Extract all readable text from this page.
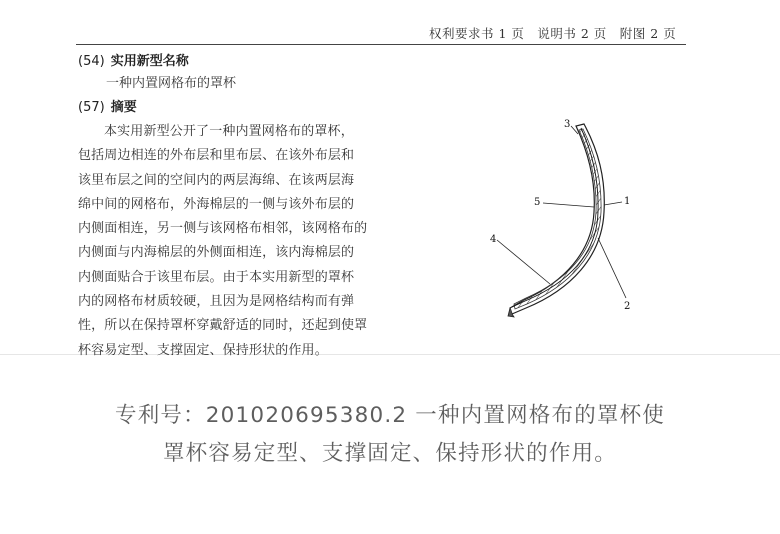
权利要求书 1 页　说明书 2 页　附图 2 页
(54) 实用新型名称
一种内置网格布的罩杯
(57) 摘要
本实用新型公开了一种内置网格布的罩杯，
包括周边相连的外布层和里布层、在该外布层和
该里布层之间的空间内的两层海绵、在该两层海
绵中间的网格布，外海棉层的一侧与该外布层的
内侧面相连，另一侧与该网格布相邻，该网格布的
内侧面与内海棉层的外侧面相连，该内海棉层的
内侧面贴合于该里布层。由于本实用新型的罩杯
内的网格布材质较硬，且因为是网格结构而有弹
性，所以在保持罩杯穿戴舒适的同时，还起到使罩
杯容易定型、支撑固定、保持形状的作用。
3
5	1
4
2
专利号：201020695380.2 一种内置网格布的罩杯使
罩杯容易定型、支撑固定、保持形状的作用。
